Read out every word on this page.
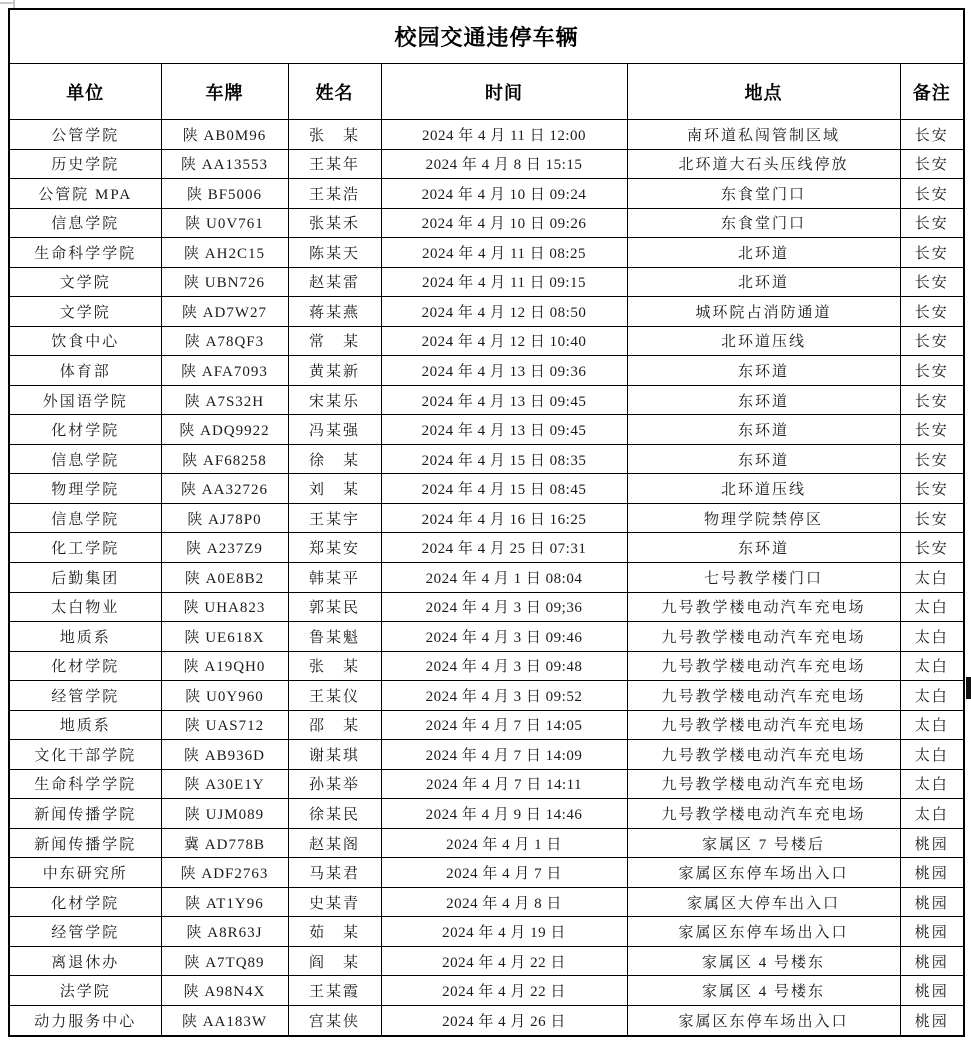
校园交通违停车辆					
单位	车牌	姓名	时间	地点	备注
公管学院	陕 AB0M96	张　某	2024 年 4 月 11 日 12:00	南环道私闯管制区域	长安
历史学院	陕 AA13553	王某年	2024 年 4 月 8 日 15:15	北环道大石头压线停放	长安
公管院 MPA	陕 BF5006	王某浩	2024 年 4 月 10 日 09:24	东食堂门口	长安
信息学院	陕 U0V761	张某禾	2024 年 4 月 10 日 09:26	东食堂门口	长安
生命科学学院	陕 AH2C15	陈某天	2024 年 4 月 11 日 08:25	北环道	长安
文学院	陕 UBN726	赵某雷	2024 年 4 月 11 日 09:15	北环道	长安
文学院	陕 AD7W27	蒋某燕	2024 年 4 月 12 日 08:50	城环院占消防通道	长安
饮食中心	陕 A78QF3	常　某	2024 年 4 月 12 日 10:40	北环道压线	长安
体育部	陕 AFA7093	黄某新	2024 年 4 月 13 日 09:36	东环道	长安
外国语学院	陕 A7S32H	宋某乐	2024 年 4 月 13 日 09:45	东环道	长安
化材学院	陕 ADQ9922	冯某强	2024 年 4 月 13 日 09:45	东环道	长安
信息学院	陕 AF68258	徐　某	2024 年 4 月 15 日 08:35	东环道	长安
物理学院	陕 AA32726	刘　某	2024 年 4 月 15 日 08:45	北环道压线	长安
信息学院	陕 AJ78P0	王某宇	2024 年 4 月 16 日 16:25	物理学院禁停区	长安
化工学院	陕 A237Z9	郑某安	2024 年 4 月 25 日 07:31	东环道	长安
后勤集团	陕 A0E8B2	韩某平	2024 年 4 月 1 日 08:04	七号教学楼门口	太白
太白物业	陕 UHA823	郭某民	2024 年 4 月 3 日 09;36	九号教学楼电动汽车充电场	太白
地质系	陕 UE618X	鲁某魁	2024 年 4 月 3 日 09:46	九号教学楼电动汽车充电场	太白
化材学院	陕 A19QH0	张　某	2024 年 4 月 3 日 09:48	九号教学楼电动汽车充电场	太白
经管学院	陕 U0Y960	王某仪	2024 年 4 月 3 日 09:52	九号教学楼电动汽车充电场	太白
地质系	陕 UAS712	邵　某	2024 年 4 月 7 日 14:05	九号教学楼电动汽车充电场	太白
文化干部学院	陕 AB936D	谢某琪	2024 年 4 月 7 日 14:09	九号教学楼电动汽车充电场	太白
生命科学学院	陕 A30E1Y	孙某举	2024 年 4 月 7 日 14:11	九号教学楼电动汽车充电场	太白
新闻传播学院	陕 UJM089	徐某民	2024 年 4 月 9 日 14:46	九号教学楼电动汽车充电场	太白
新闻传播学院	冀 AD778B	赵某阁	2024 年 4 月 1 日	家属区 7 号楼后	桃园
中东研究所	陕 ADF2763	马某君	2024 年 4 月 7 日	家属区东停车场出入口	桃园
化材学院	陕 AT1Y96	史某青	2024 年 4 月 8 日	家属区大停车出入口	桃园
经管学院	陕 A8R63J	茹　某	2024 年 4 月 19 日	家属区东停车场出入口	桃园
离退休办	陕 A7TQ89	阎　某	2024 年 4 月 22 日	家属区 4 号楼东	桃园
法学院	陕 A98N4X	王某霞	2024 年 4 月 22 日	家属区 4 号楼东	桃园
动力服务中心	陕 AA183W	宫某侠	2024 年 4 月 26 日	家属区东停车场出入口	桃园
